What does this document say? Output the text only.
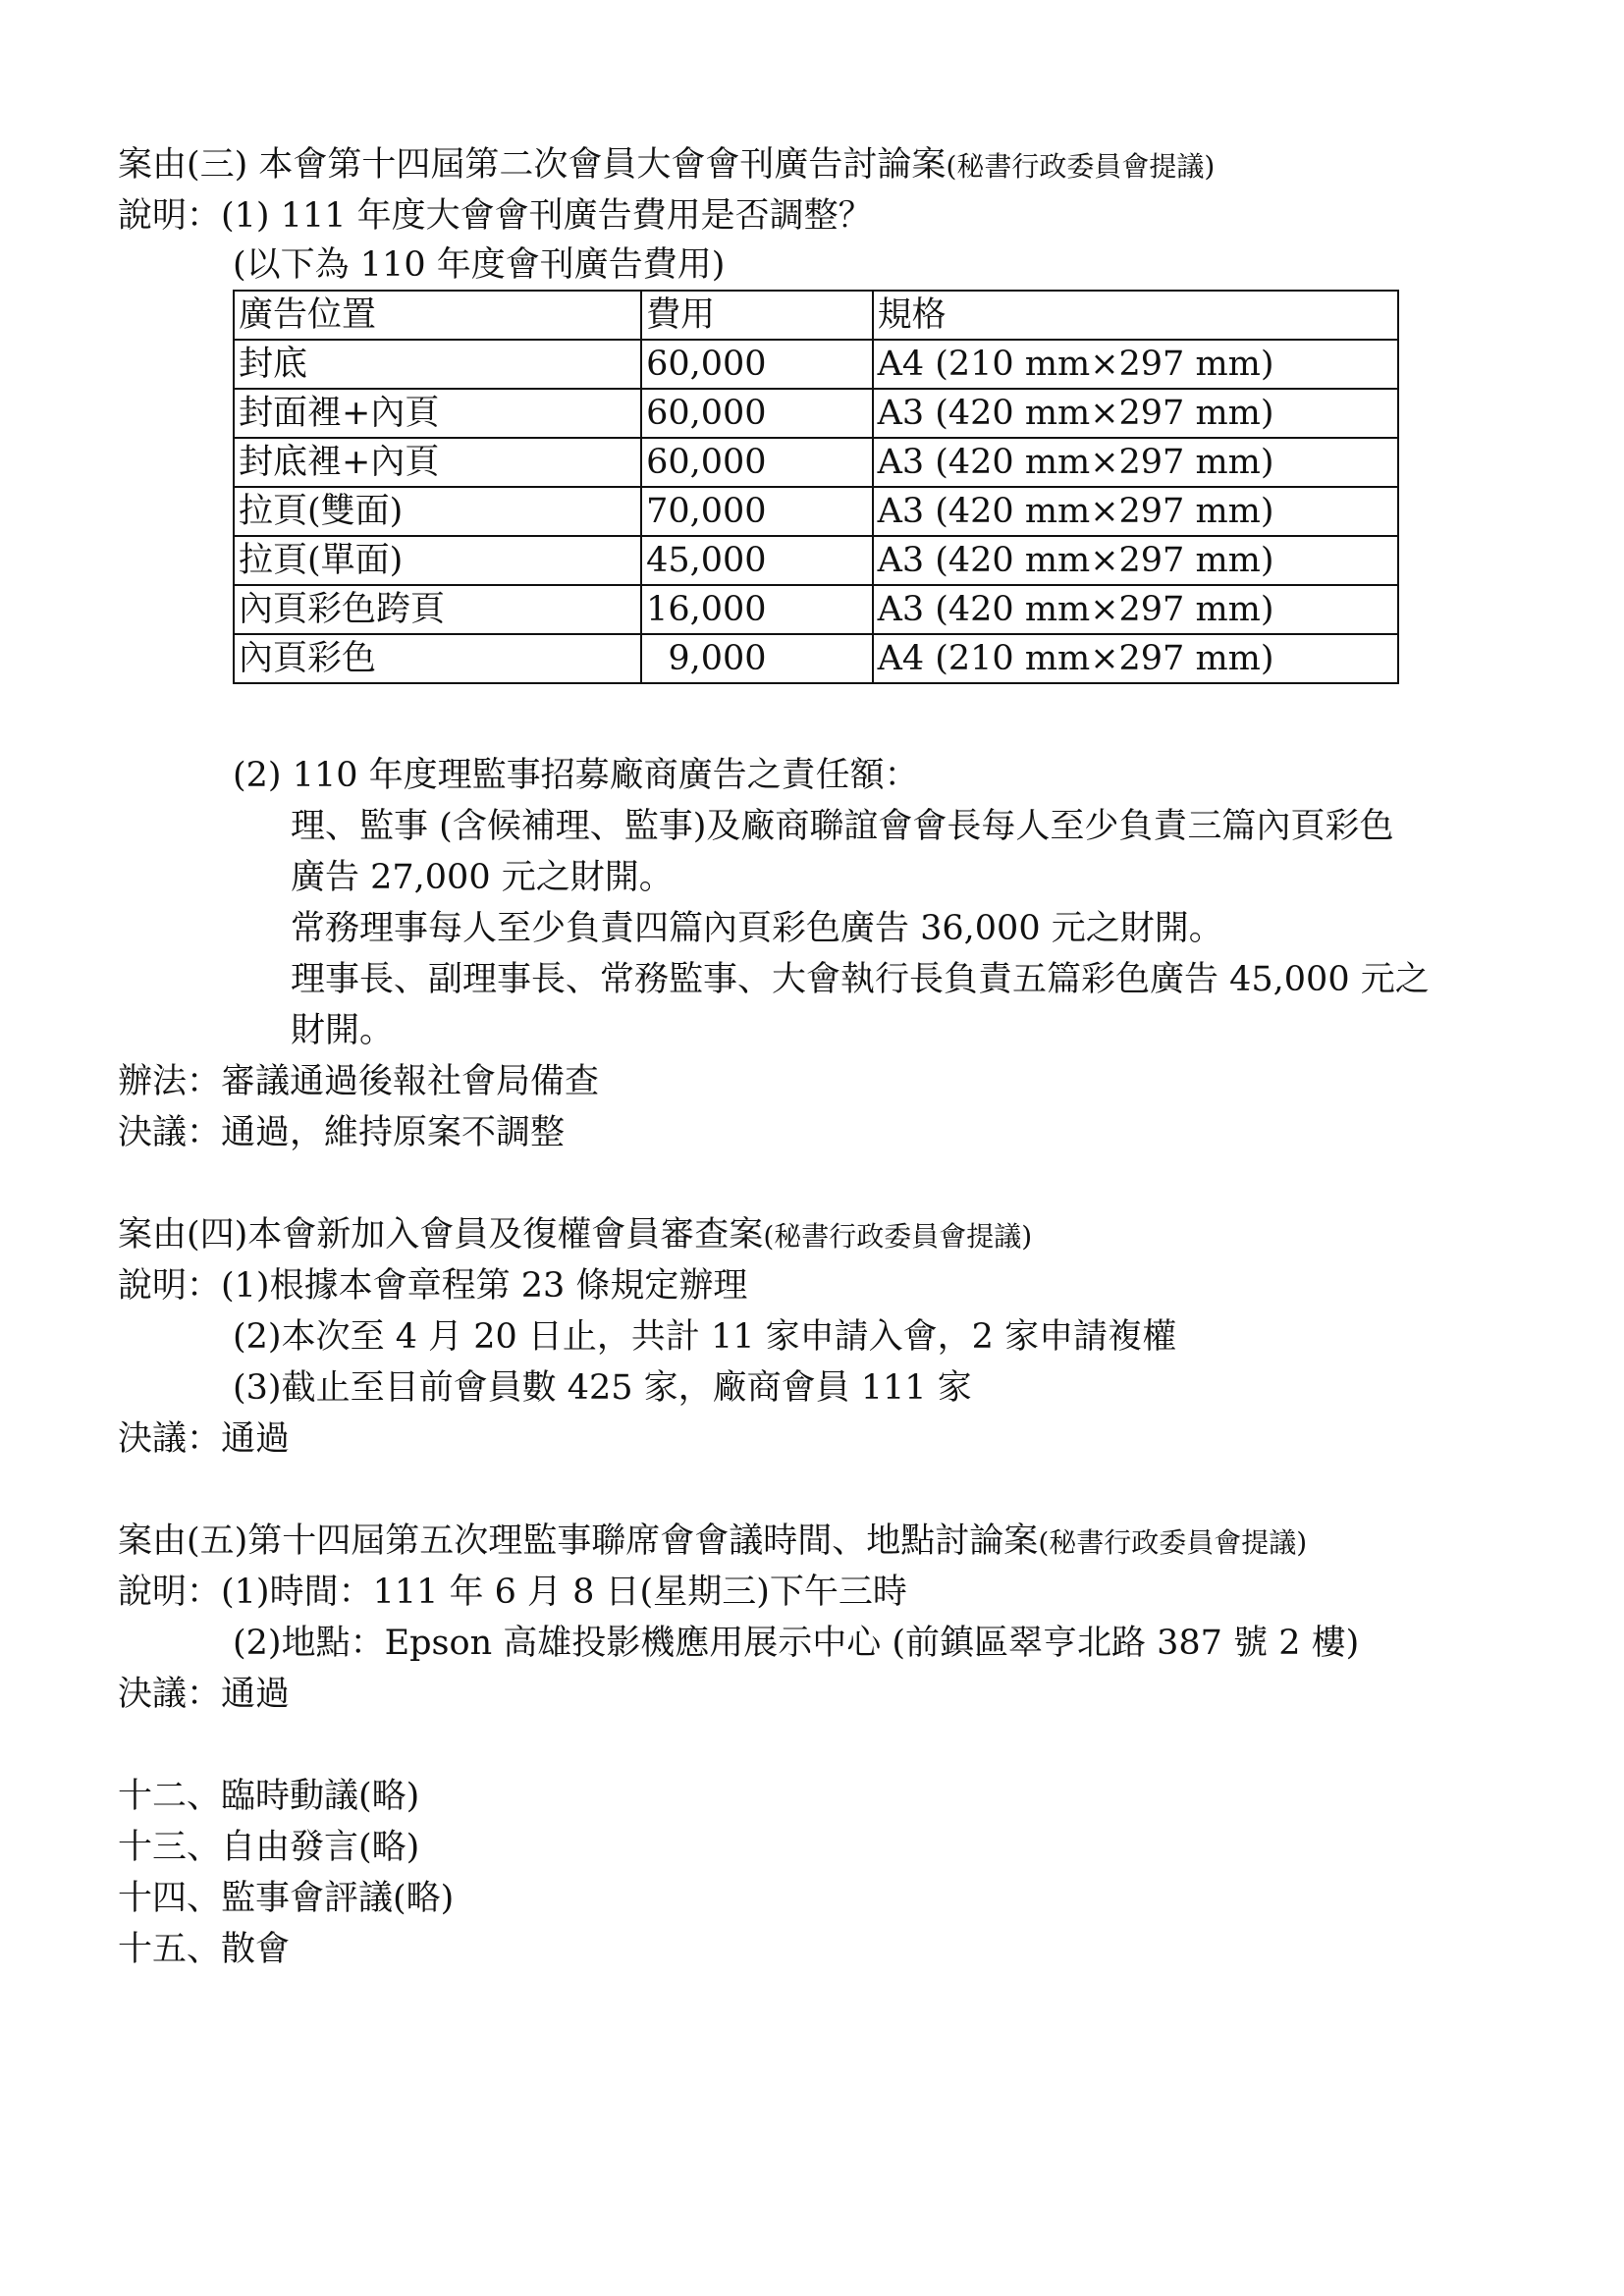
案由(三) 本會第十四屆第二次會員大會會刊廣告討論案(秘書行政委員會提議)
說明：(1) 111 年度大會會刊廣告費用是否調整？
(以下為 110 年度會刊廣告費用)
廣告位置	費用	規格
封底	60,000	A4 (210 mm×297 mm)
封面裡+內頁	60,000	A3 (420 mm×297 mm)
封底裡+內頁	60,000	A3 (420 mm×297 mm)
拉頁(雙面)	70,000	A3 (420 mm×297 mm)
拉頁(單面)	45,000	A3 (420 mm×297 mm)
內頁彩色跨頁	16,000	A3 (420 mm×297 mm)
內頁彩色	9,000	A4 (210 mm×297 mm)
(2) 110 年度理監事招募廠商廣告之責任額：
理、監事 (含候補理、監事)及廠商聯誼會會長每人至少負責三篇內頁彩色
廣告 27,000 元之財開。
常務理事每人至少負責四篇內頁彩色廣告 36,000 元之財開。
理事長、副理事長、常務監事、大會執行長負責五篇彩色廣告 45,000 元之
財開。
辦法：審議通過後報社會局備查
決議：通過，維持原案不調整
案由(四)本會新加入會員及復權會員審查案(秘書行政委員會提議)
說明：(1)根據本會章程第 23 條規定辦理
(2)本次至 4 月 20 日止，共計 11 家申請入會，2 家申請複權
(3)截止至目前會員數 425 家，廠商會員 111 家
決議：通過
案由(五)第十四屆第五次理監事聯席會會議時間、地點討論案(秘書行政委員會提議)
說明：(1)時間：111 年 6 月 8 日(星期三)下午三時
(2)地點：Epson 高雄投影機應用展示中心 (前鎮區翠亨北路 387 號 2 樓)
決議：通過
十二、臨時動議(略)
十三、自由發言(略)
十四、監事會評議(略)
十五、散會
